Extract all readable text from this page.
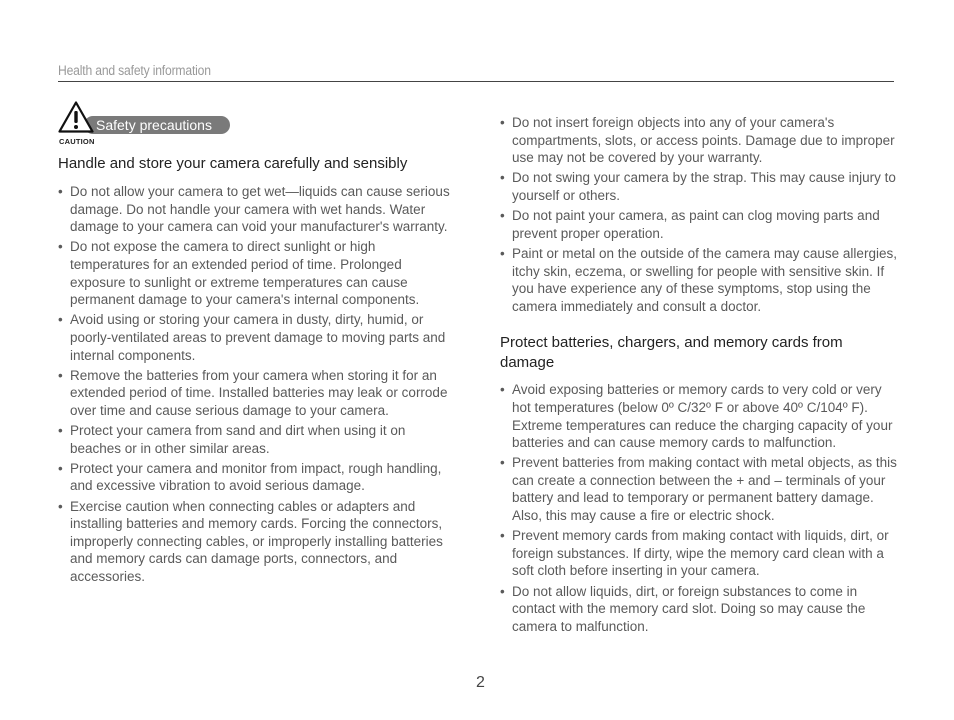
Health and safety information
Safety precautions
CAUTION
Handle and store your camera carefully and sensibly
• Do not allow your camera to get wet—liquids can cause serious damage. Do not handle your camera with wet hands. Water damage to your camera can void your manufacturer's warranty.
• Do not expose the camera to direct sunlight or high temperatures for an extended period of time. Prolonged exposure to sunlight or extreme temperatures can cause permanent damage to your camera's internal components.
• Avoid using or storing your camera in dusty, dirty, humid, or poorly-ventilated areas to prevent damage to moving parts and internal components.
• Remove the batteries from your camera when storing it for an extended period of time. Installed batteries may leak or corrode over time and cause serious damage to your camera.
• Protect your camera from sand and dirt when using it on beaches or in other similar areas.
• Protect your camera and monitor from impact, rough handling, and excessive vibration to avoid serious damage.
• Exercise caution when connecting cables or adapters and installing batteries and memory cards. Forcing the connectors, improperly connecting cables, or improperly installing batteries and memory cards can damage ports, connectors, and accessories.
• Do not insert foreign objects into any of your camera's compartments, slots, or access points. Damage due to improper use may not be covered by your warranty.
• Do not swing your camera by the strap. This may cause injury to yourself or others.
• Do not paint your camera, as paint can clog moving parts and prevent proper operation.
• Paint or metal on the outside of the camera may cause allergies, itchy skin, eczema, or swelling for people with sensitive skin. If you have experience any of these symptoms, stop using the camera immediately and consult a doctor.
Protect batteries, chargers, and memory cards from damage
• Avoid exposing batteries or memory cards to very cold or very hot temperatures (below 0º C/32º F or above 40º C/104º F). Extreme temperatures can reduce the charging capacity of your batteries and can cause memory cards to malfunction.
• Prevent batteries from making contact with metal objects, as this can create a connection between the + and – terminals of your battery and lead to temporary or permanent battery damage. Also, this may cause a fire or electric shock.
• Prevent memory cards from making contact with liquids, dirt, or foreign substances. If dirty, wipe the memory card clean with a soft cloth before inserting in your camera.
• Do not allow liquids, dirt, or foreign substances to come in contact with the memory card slot. Doing so may cause the camera to malfunction.
2
